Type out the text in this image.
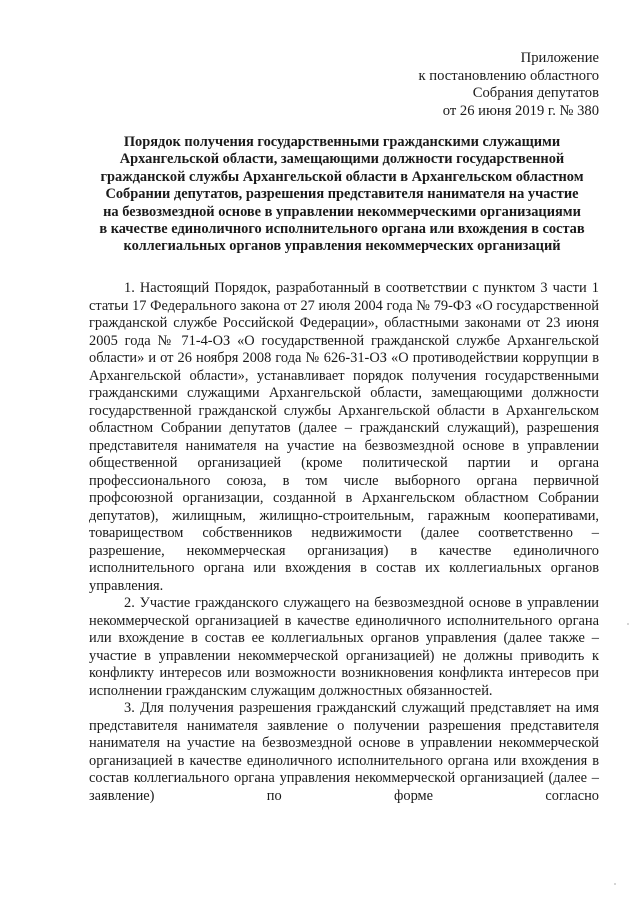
Приложение
к постановлению областного
Собрания депутатов
от 26 июня 2019 г. № 380
Порядок получения государственными гражданскими служащими
Архангельской области, замещающими должности государственной
гражданской службы Архангельской области в Архангельском областном
Собрании депутатов, разрешения представителя нанимателя на участие
на безвозмездной основе в управлении некоммерческими организациями
в качестве единоличного исполнительного органа или вхождения в состав
коллегиальных органов управления некоммерческих организаций

1. Настоящий Порядок, разработанный в соответствии с пунктом 3 части 1 статьи 17 Федерального закона от 27 июля 2004 года № 79-ФЗ «О государственной гражданской службе Российской Федерации», областными законами от 23 июня 2005 года № 71-4-ОЗ «О государственной гражданской службе Архангельской области» и от 26 ноября 2008 года № 626-31-ОЗ «О противодействии коррупции в Архангельской области», устанавливает порядок получения государственными гражданскими служащими Архангельской области, замещающими должности государственной гражданской службы Архангельской области в Архангельском областном Собрании депутатов (далее – гражданский служащий), разрешения представителя нанимателя на участие на безвозмездной основе в управлении общественной организацией (кроме политической партии и органа профессионального союза, в том числе выборного органа первичной профсоюзной организации, созданной в Архангельском областном Собрании депутатов), жилищным, жилищно-строительным, гаражным кооперативами, товариществом собственников недвижимости (далее соответственно – разрешение, некоммерческая организация) в качестве единоличного исполнительного органа или вхождения в состав их коллегиальных органов управления.

2. Участие гражданского служащего на безвозмездной основе в управлении некоммерческой организацией в качестве единоличного исполнительного органа или вхождение в состав ее коллегиальных органов управления (далее также – участие в управлении некоммерческой организацией) не должны приводить к конфликту интересов или возможности возникновения конфликта интересов при исполнении гражданским служащим должностных обязанностей.

3. Для получения разрешения гражданский служащий представляет на имя представителя нанимателя заявление о получении разрешения представителя нанимателя на участие на безвозмездной основе в управлении некоммерческой организацией в качестве единоличного исполнительного органа или вхождения в состав коллегиального органа управления некоммерческой организацией (далее – заявление) по форме согласно
